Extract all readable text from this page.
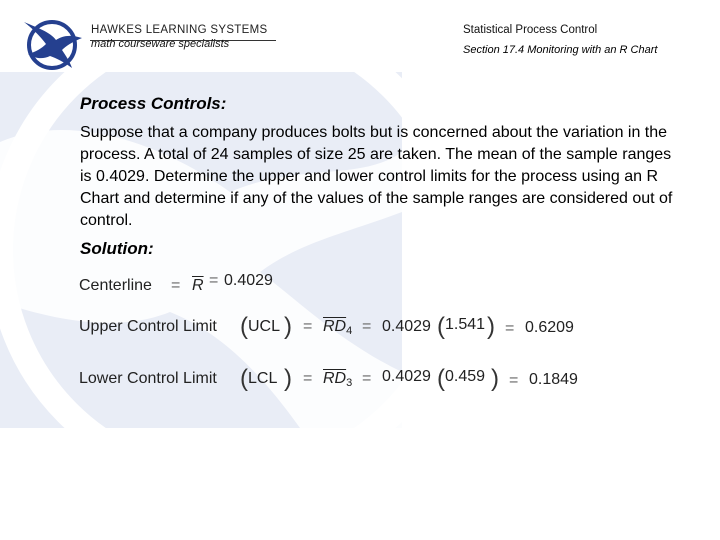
HAWKES LEARNING SYSTEMS
math courseware specialists
Statistical Process Control
Section 17.4 Monitoring with an R Chart
Process Controls:
Suppose that a company produces bolts but is concerned about the variation in the process. A total of 24 samples of size 25 are taken. The mean of the sample ranges is 0.4029. Determine the upper and lower control limits for the process using an R Chart and determine if any of the values of the sample ranges are considered out of control.
Solution:
Centerline = $\overline{R} = 0.4029$
Upper Control Limit ( UCL ) = $\overline{RD}_4 = 0.4029$ ( 1.541 ) = 0.6209
Lower Control Limit ( LCL ) = $\overline{RD}_3 = 0.4029$ ( 0.459 ) = 0.1849
